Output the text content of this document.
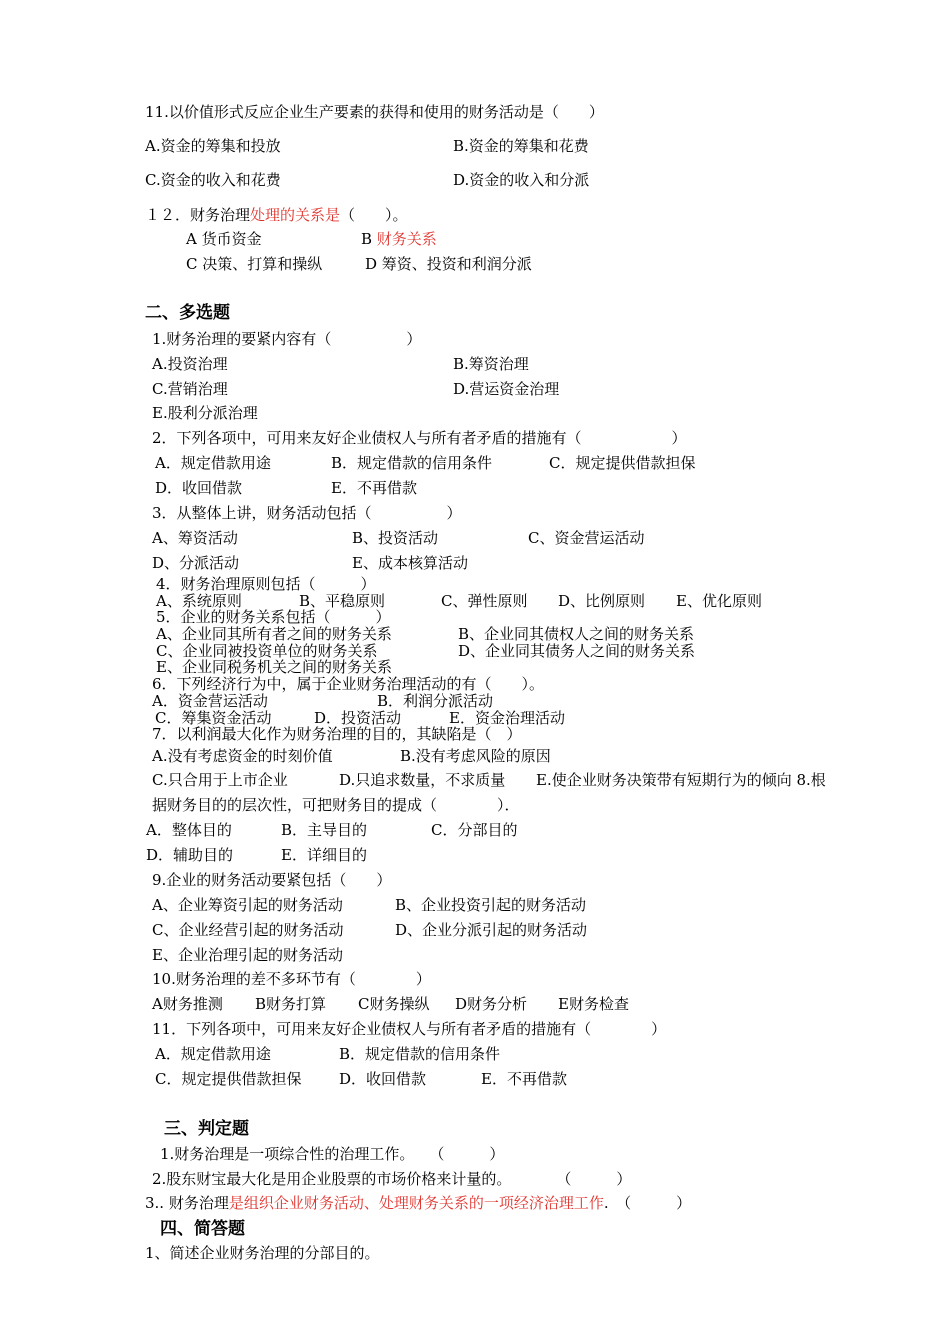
11.以价值形式反应企业生产要素的获得和使用的财务活动是（　　）
A.资金的筹集和投放	B.资金的筹集和花费
C.资金的收入和花费	D.资金的收入和分派
１２．财务治理处理的关系是（　　）。
A 货币资金	B 财务关系
C 决策、打算和操纵	D 筹资、投资和利润分派
二、多选题
1.财务治理的要紧内容有（　　　　　）
A.投资治理	B.筹资治理
C.营销治理	D.营运资金治理
E.股利分派治理
2．下列各项中，可用来友好企业债权人与所有者矛盾的措施有（　　　　　　）
A．规定借款用途	B．规定借款的信用条件	C．规定提供借款担保
D．收回借款	E．不再借款
3．从整体上讲，财务活动包括（　　　　　）
A、筹资活动	B、投资活动	C、资金营运活动
D、分派活动	E、成本核算活动
4．财务治理原则包括（　　　）
A、系统原则	B、平稳原则	C、弹性原则 D、比例原则 E、优化原则
5．企业的财务关系包括（　　　）
A、企业同其所有者之间的财务关系	B、企业同其债权人之间的财务关系
C、企业同被投资单位的财务关系	D、企业同其债务人之间的财务关系
E、企业同税务机关之间的财务关系
6．下列经济行为中，属于企业财务治理活动的有（　　）。
A．资金营运活动	B．利润分派活动
C．筹集资金活动	D．投资活动	E．资金治理活动
7．以利润最大化作为财务治理的目的，其缺陷是（　）
A.没有考虑资金的时刻价值	B.没有考虑风险的原因
C.只合用于上市企业	D.只追求数量，不求质量 E.使企业财务决策带有短期行为的倾向 8.根
据财务目的的层次性，可把财务目的提成（　　　　）．
A．整体目的	B．主导目的	C．分部目的
D．辅助目的	E．详细目的
9.企业的财务活动要紧包括（　　）
A、企业筹资引起的财务活动	B、企业投资引起的财务活动
C、企业经营引起的财务活动	D、企业分派引起的财务活动
E、企业治理引起的财务活动
10.财务治理的差不多环节有（　　　　）
A财务推测 B财务打算 C财务操纵 D财务分析 E财务检查
11．下列各项中，可用来友好企业债权人与所有者矛盾的措施有（　　　　）
A．规定借款用途	B．规定借款的信用条件
C．规定提供借款担保	D．收回借款	E．不再借款
三、判定题
1.财务治理是一项综合性的治理工作。　　（　　　）
2.股东财宝最大化是用企业股票的市场价格来计量的。　　　　（　　　）
3.. 财务治理是组织企业财务活动、处理财务关系的一项经济治理工作.　（　　　）
四、简答题
1、简述企业财务治理的分部目的。
